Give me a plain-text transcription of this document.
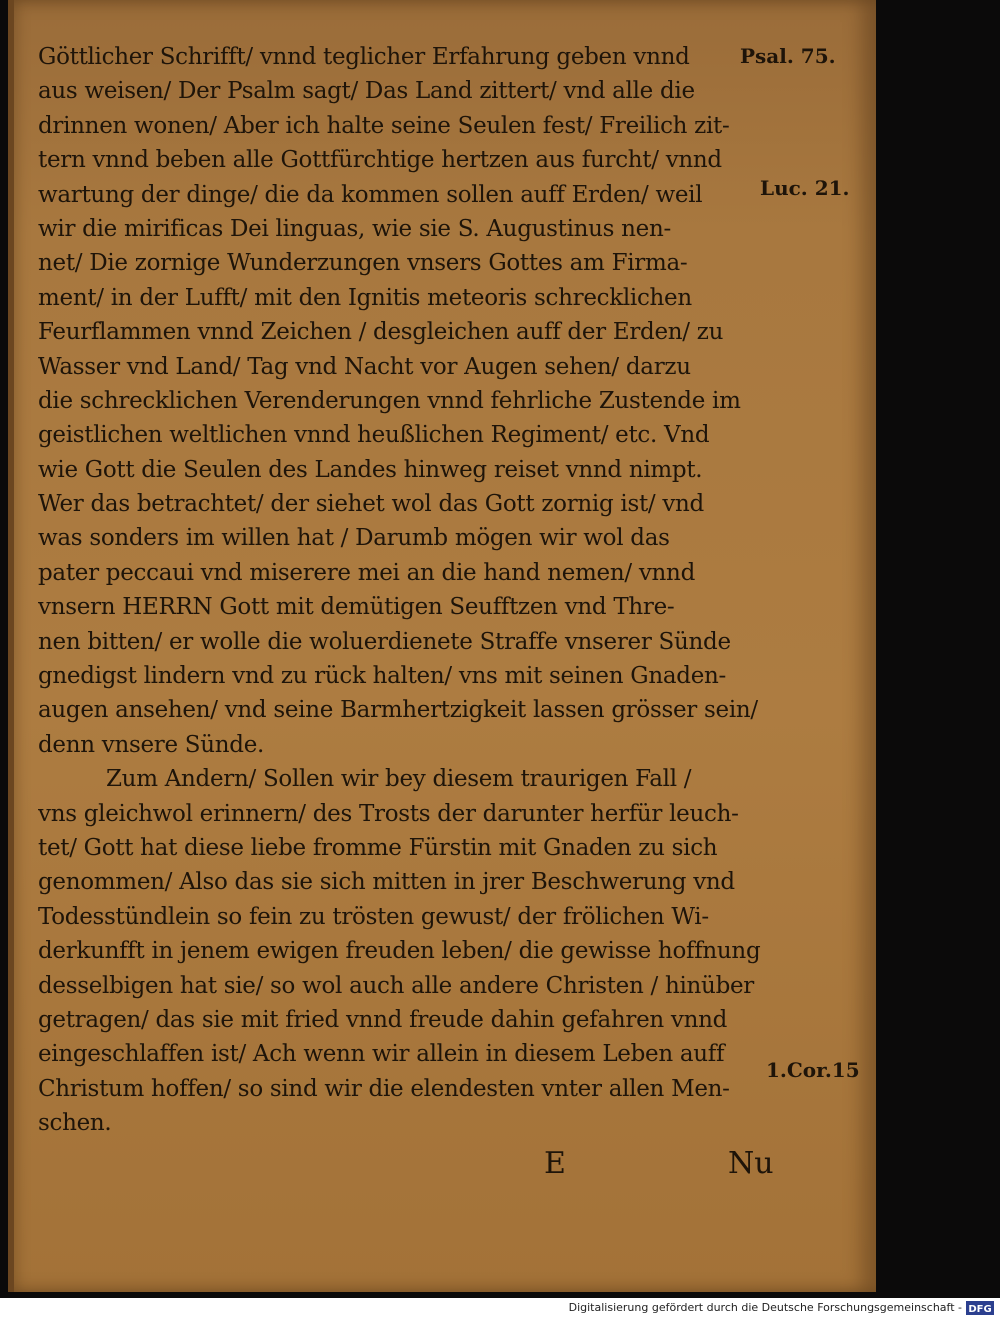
Göttlicher Schrifft/ vnnd teglicher Erfahrung geben vnnd
aus weisen/ Der Psalm sagt/ Das Land zittert/ vnd alle die
drinnen wonen/ Aber ich halte seine Seulen fest/ Freilich zit-
tern vnnd beben alle Gottfürchtige hertzen aus furcht/ vnnd
wartung der dinge/ die da kommen sollen auff Erden/ weil
wir die mirificas Dei linguas, wie sie S. Augustinus nen-
net/ Die zornige Wunderzungen vnsers Gottes am Firma-
ment/ in der Lufft/ mit den Ignitis meteoris schrecklichen
Feurflammen vnnd Zeichen / desgleichen auff der Erden/ zu
Wasser vnd Land/ Tag vnd Nacht vor Augen sehen/ darzu
die schrecklichen Verenderungen vnnd fehrliche Zustende im
geistlichen weltlichen vnnd heußlichen Regiment/ etc. Vnd
wie Gott die Seulen des Landes hinweg reiset vnnd nimpt.
Wer das betrachtet/ der siehet wol das Gott zornig ist/ vnd
was sonders im willen hat / Darumb mögen wir wol das
pater peccaui vnd miserere mei an die hand nemen/ vnnd
vnsern HERRN Gott mit demütigen Seufftzen vnd Thre-
nen bitten/ er wolle die woluerdienete Straffe vnserer Sünde
gnedigst lindern vnd zu rück halten/ vns mit seinen Gnaden-
augen ansehen/ vnd seine Barmhertzigkeit lassen grösser sein/
denn vnsere Sünde.
Zum Andern/ Sollen wir bey diesem traurigen Fall /
vns gleichwol erinnern/ des Trosts der darunter herfür leuch-
tet/ Gott hat diese liebe fromme Fürstin mit Gnaden zu sich
genommen/ Also das sie sich mitten in jrer Beschwerung vnd
Todesstündlein so fein zu trösten gewust/ der frölichen Wi-
derkunfft in jenem ewigen freuden leben/ die gewisse hoffnung
desselbigen hat sie/ so wol auch alle andere Christen / hinüber
getragen/ das sie mit fried vnnd freude dahin gefahren vnnd
eingeschlaffen ist/ Ach wenn wir allein in diesem Leben auff
Christum hoffen/ so sind wir die elendesten vnter allen Men-
schen.
Psal. 75.
Luc. 21.
1.Cor.15
E	Nu
Digitalisierung gefördert durch die Deutsche Forschungsgemeinschaft - DFG
